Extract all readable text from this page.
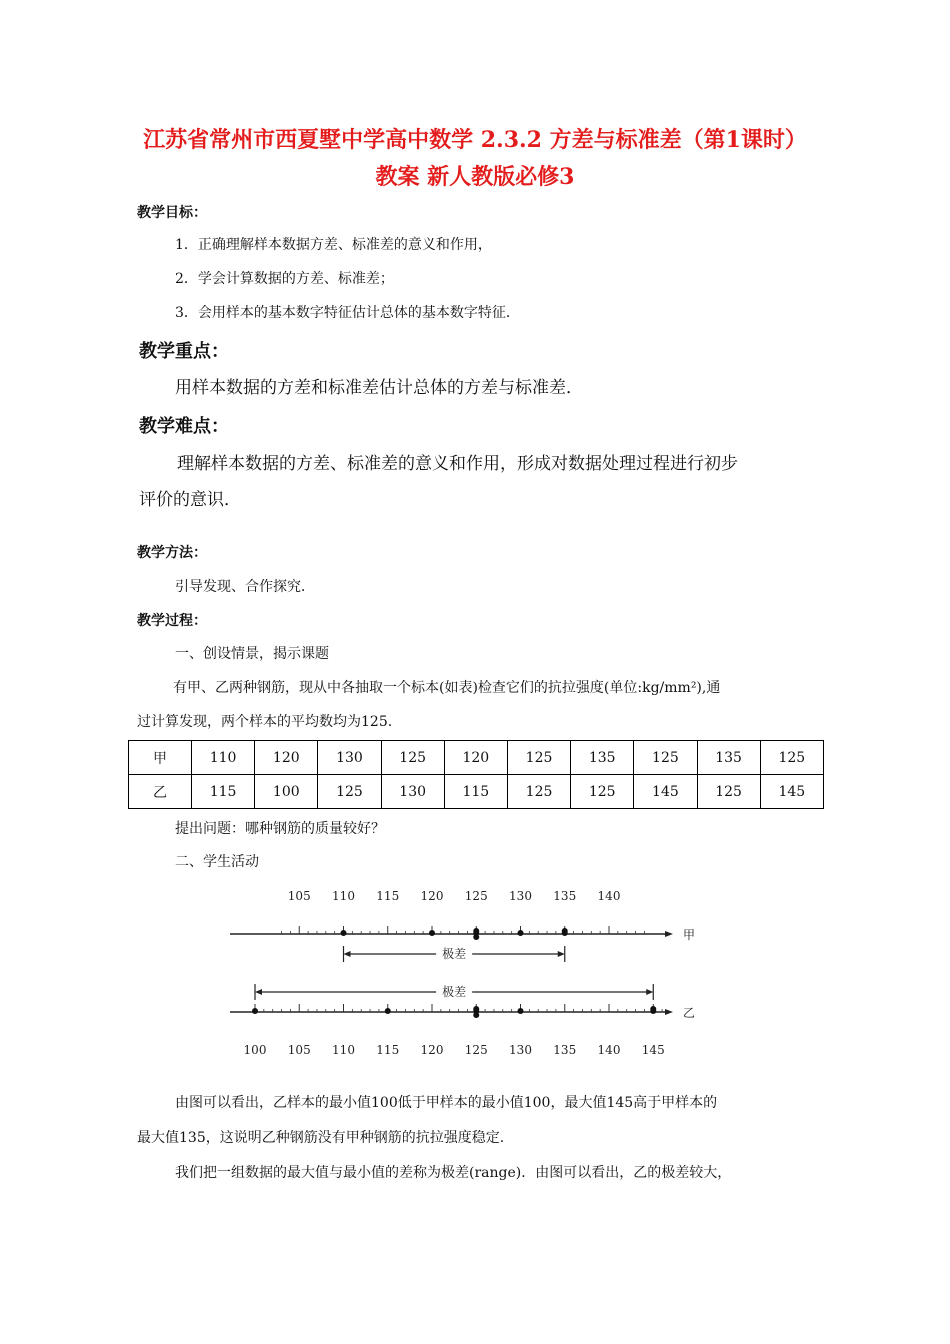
江苏省常州市西夏墅中学高中数学 2.3.2 方差与标准差（第1课时）
教案 新人教版必修3
教学目标：
1．正确理解样本数据方差、标准差的意义和作用，
2．学会计算数据的方差、标准差；
3．会用样本的基本数字特征估计总体的基本数字特征．
教学重点：
用样本数据的方差和标准差估计总体的方差与标准差．
教学难点：
理解样本数据的方差、标准差的意义和作用，形成对数据处理过程进行初步
评价的意识．
教学方法：
引导发现、合作探究．
教学过程：
一、创设情景，揭示课题
有甲、乙两种钢筋，现从中各抽取一个标本(如表)检查它们的抗拉强度(单位:kg/mm²),通
过计算发现，两个样本的平均数均为125.
甲	110	120	130	125	120	125	135	125	135	125
乙	115	100	125	130	115	125	125	145	125	145
提出问题：哪种钢筋的质量较好？
二、学生活动
甲
105 110 115 120 125 130 135 140
极差
极差
乙
100 105 110 115 120 125 130 135 140 145
由图可以看出，乙样本的最小值100低于甲样本的最小值100，最大值145高于甲样本的
最大值135，这说明乙种钢筋没有甲种钢筋的抗拉强度稳定.
我们把一组数据的最大值与最小值的差称为极差(range)．由图可以看出，乙的极差较大，
